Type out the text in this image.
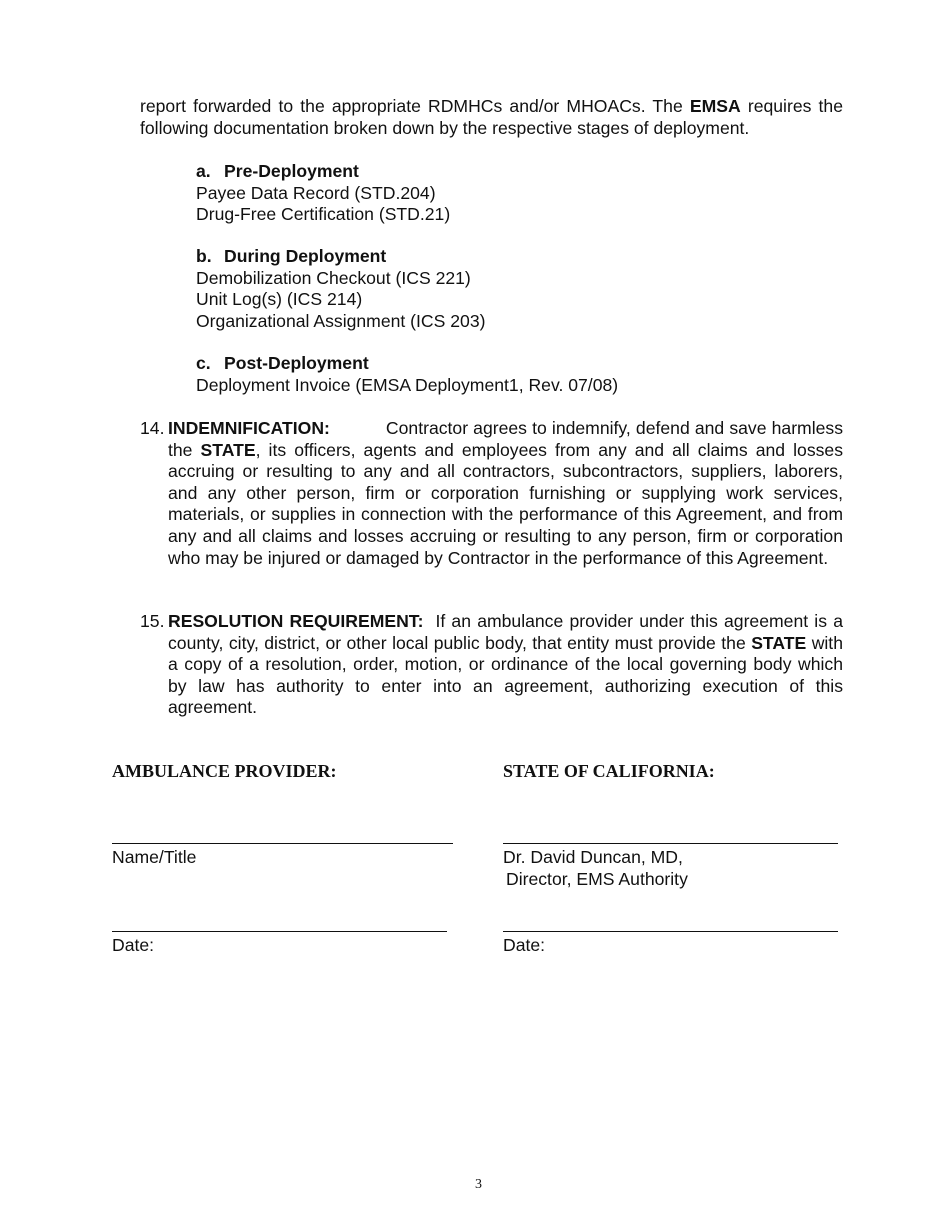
report forwarded to the appropriate RDMHCs and/or MHOACs. The EMSA requires the following documentation broken down by the respective stages of deployment.
a. Pre-Deployment
Payee Data Record (STD.204)
Drug-Free Certification (STD.21)
b. During Deployment
Demobilization Checkout (ICS 221)
Unit Log(s) (ICS 214)
Organizational Assignment (ICS 203)
c. Post-Deployment
Deployment Invoice (EMSA Deployment1, Rev. 07/08)
14. INDEMNIFICATION:	Contractor agrees to indemnify, defend and save harmless the STATE, its officers, agents and employees from any and all claims and losses accruing or resulting to any and all contractors, subcontractors, suppliers, laborers, and any other person, firm or corporation furnishing or supplying work services, materials, or supplies in connection with the performance of this Agreement, and from any and all claims and losses accruing or resulting to any person, firm or corporation who may be injured or damaged by Contractor in the performance of this Agreement.
15. RESOLUTION REQUIREMENT: If an ambulance provider under this agreement is a county, city, district, or other local public body, that entity must provide the STATE with a copy of a resolution, order, motion, or ordinance of the local governing body which by law has authority to enter into an agreement, authorizing execution of this agreement.
AMBULANCE PROVIDER:	STATE OF CALIFORNIA:
Name/Title	Dr. David Duncan, MD,
Director, EMS Authority
Date:	Date:
3
